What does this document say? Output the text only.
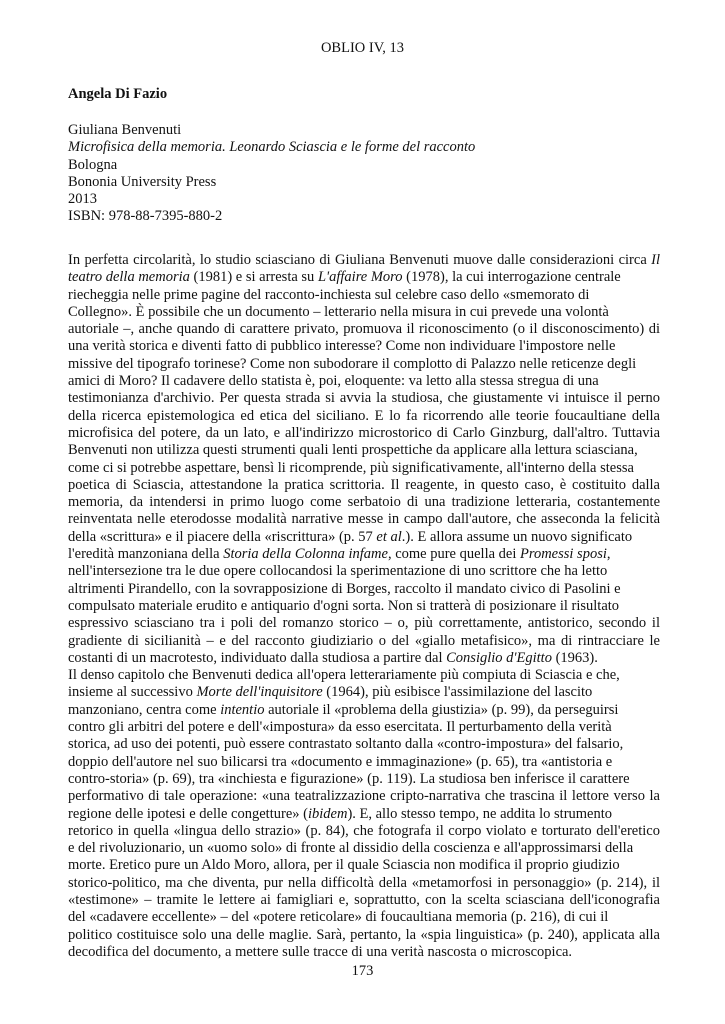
OBLIO IV, 13
Angela Di Fazio
Giuliana Benvenuti
Microfisica della memoria. Leonardo Sciascia e le forme del racconto
Bologna
Bononia University Press
2013
ISBN: 978-88-7395-880-2
In perfetta circolarità, lo studio sciasciano di Giuliana Benvenuti muove dalle considerazioni circa Il
teatro della memoria (1981) e si arresta su L'affaire Moro (1978), la cui interrogazione centrale
riecheggia nelle prime pagine del racconto-inchiesta sul celebre caso dello «smemorato di
Collegno». È possibile che un documento – letterario nella misura in cui prevede una volontà
autoriale –, anche quando di carattere privato, promuova il riconoscimento (o il disconoscimento) di
una verità storica e diventi fatto di pubblico interesse? Come non individuare l'impostore nelle
missive del tipografo torinese? Come non subodorare il complotto di Palazzo nelle reticenze degli
amici di Moro? Il cadavere dello statista è, poi, eloquente: va letto alla stessa stregua di una
testimonianza d'archivio. Per questa strada si avvia la studiosa, che giustamente vi intuisce il perno
della ricerca epistemologica ed etica del siciliano. E lo fa ricorrendo alle teorie foucaultiane della
microfisica del potere, da un lato, e all'indirizzo microstorico di Carlo Ginzburg, dall'altro. Tuttavia
Benvenuti non utilizza questi strumenti quali lenti prospettiche da applicare alla lettura sciasciana,
come ci si potrebbe aspettare, bensì li ricomprende, più significativamente, all'interno della stessa
poetica di Sciascia, attestandone la pratica scrittoria. Il reagente, in questo caso, è costituito dalla
memoria, da intendersi in primo luogo come serbatoio di una tradizione letteraria, costantemente
reinventata nelle eterodosse modalità narrative messe in campo dall'autore, che asseconda la felicità
della «scrittura» e il piacere della «riscrittura» (p. 57 et al.). E allora assume un nuovo significato
l'eredità manzoniana della Storia della Colonna infame, come pure quella dei Promessi sposi,
nell'intersezione tra le due opere collocandosi la sperimentazione di uno scrittore che ha letto
altrimenti Pirandello, con la sovrapposizione di Borges, raccolto il mandato civico di Pasolini e
compulsato materiale erudito e antiquario d'ogni sorta. Non si tratterà di posizionare il risultato
espressivo sciasciano tra i poli del romanzo storico – o, più correttamente, antistorico, secondo il
gradiente di sicilianità – e del racconto giudiziario o del «giallo metafisico», ma di rintracciare le
costanti di un macrotesto, individuato dalla studiosa a partire dal Consiglio d'Egitto (1963).
Il denso capitolo che Benvenuti dedica all'opera letterariamente più compiuta di Sciascia e che,
insieme al successivo Morte dell'inquisitore (1964), più esibisce l'assimilazione del lascito
manzoniano, centra come intentio autoriale il «problema della giustizia» (p. 99), da perseguirsi
contro gli arbitri del potere e dell'«impostura» da esso esercitata. Il perturbamento della verità
storica, ad uso dei potenti, può essere contrastato soltanto dalla «contro-impostura» del falsario,
doppio dell'autore nel suo bilicarsi tra «documento e immaginazione» (p. 65), tra «antistoria e
contro-storia» (p. 69), tra «inchiesta e figurazione» (p. 119). La studiosa ben inferisce il carattere
performativo di tale operazione: «una teatralizzazione cripto-narrativa che trascina il lettore verso la
regione delle ipotesi e delle congetture» (ibidem). E, allo stesso tempo, ne addita lo strumento
retorico in quella «lingua dello strazio» (p. 84), che fotografa il corpo violato e torturato dell'eretico
e del rivoluzionario, un «uomo solo» di fronte al dissidio della coscienza e all'approssimarsi della
morte. Eretico pure un Aldo Moro, allora, per il quale Sciascia non modifica il proprio giudizio
storico-politico, ma che diventa, pur nella difficoltà della «metamorfosi in personaggio» (p. 214), il
«testimone» – tramite le lettere ai famigliari e, soprattutto, con la scelta sciasciana dell'iconografia
del «cadavere eccellente» – del «potere reticolare» di foucaultiana memoria (p. 216), di cui il
politico costituisce solo una delle maglie. Sarà, pertanto, la «spia linguistica» (p. 240), applicata alla
decodifica del documento, a mettere sulle tracce di una verità nascosta o microscopica.
173
